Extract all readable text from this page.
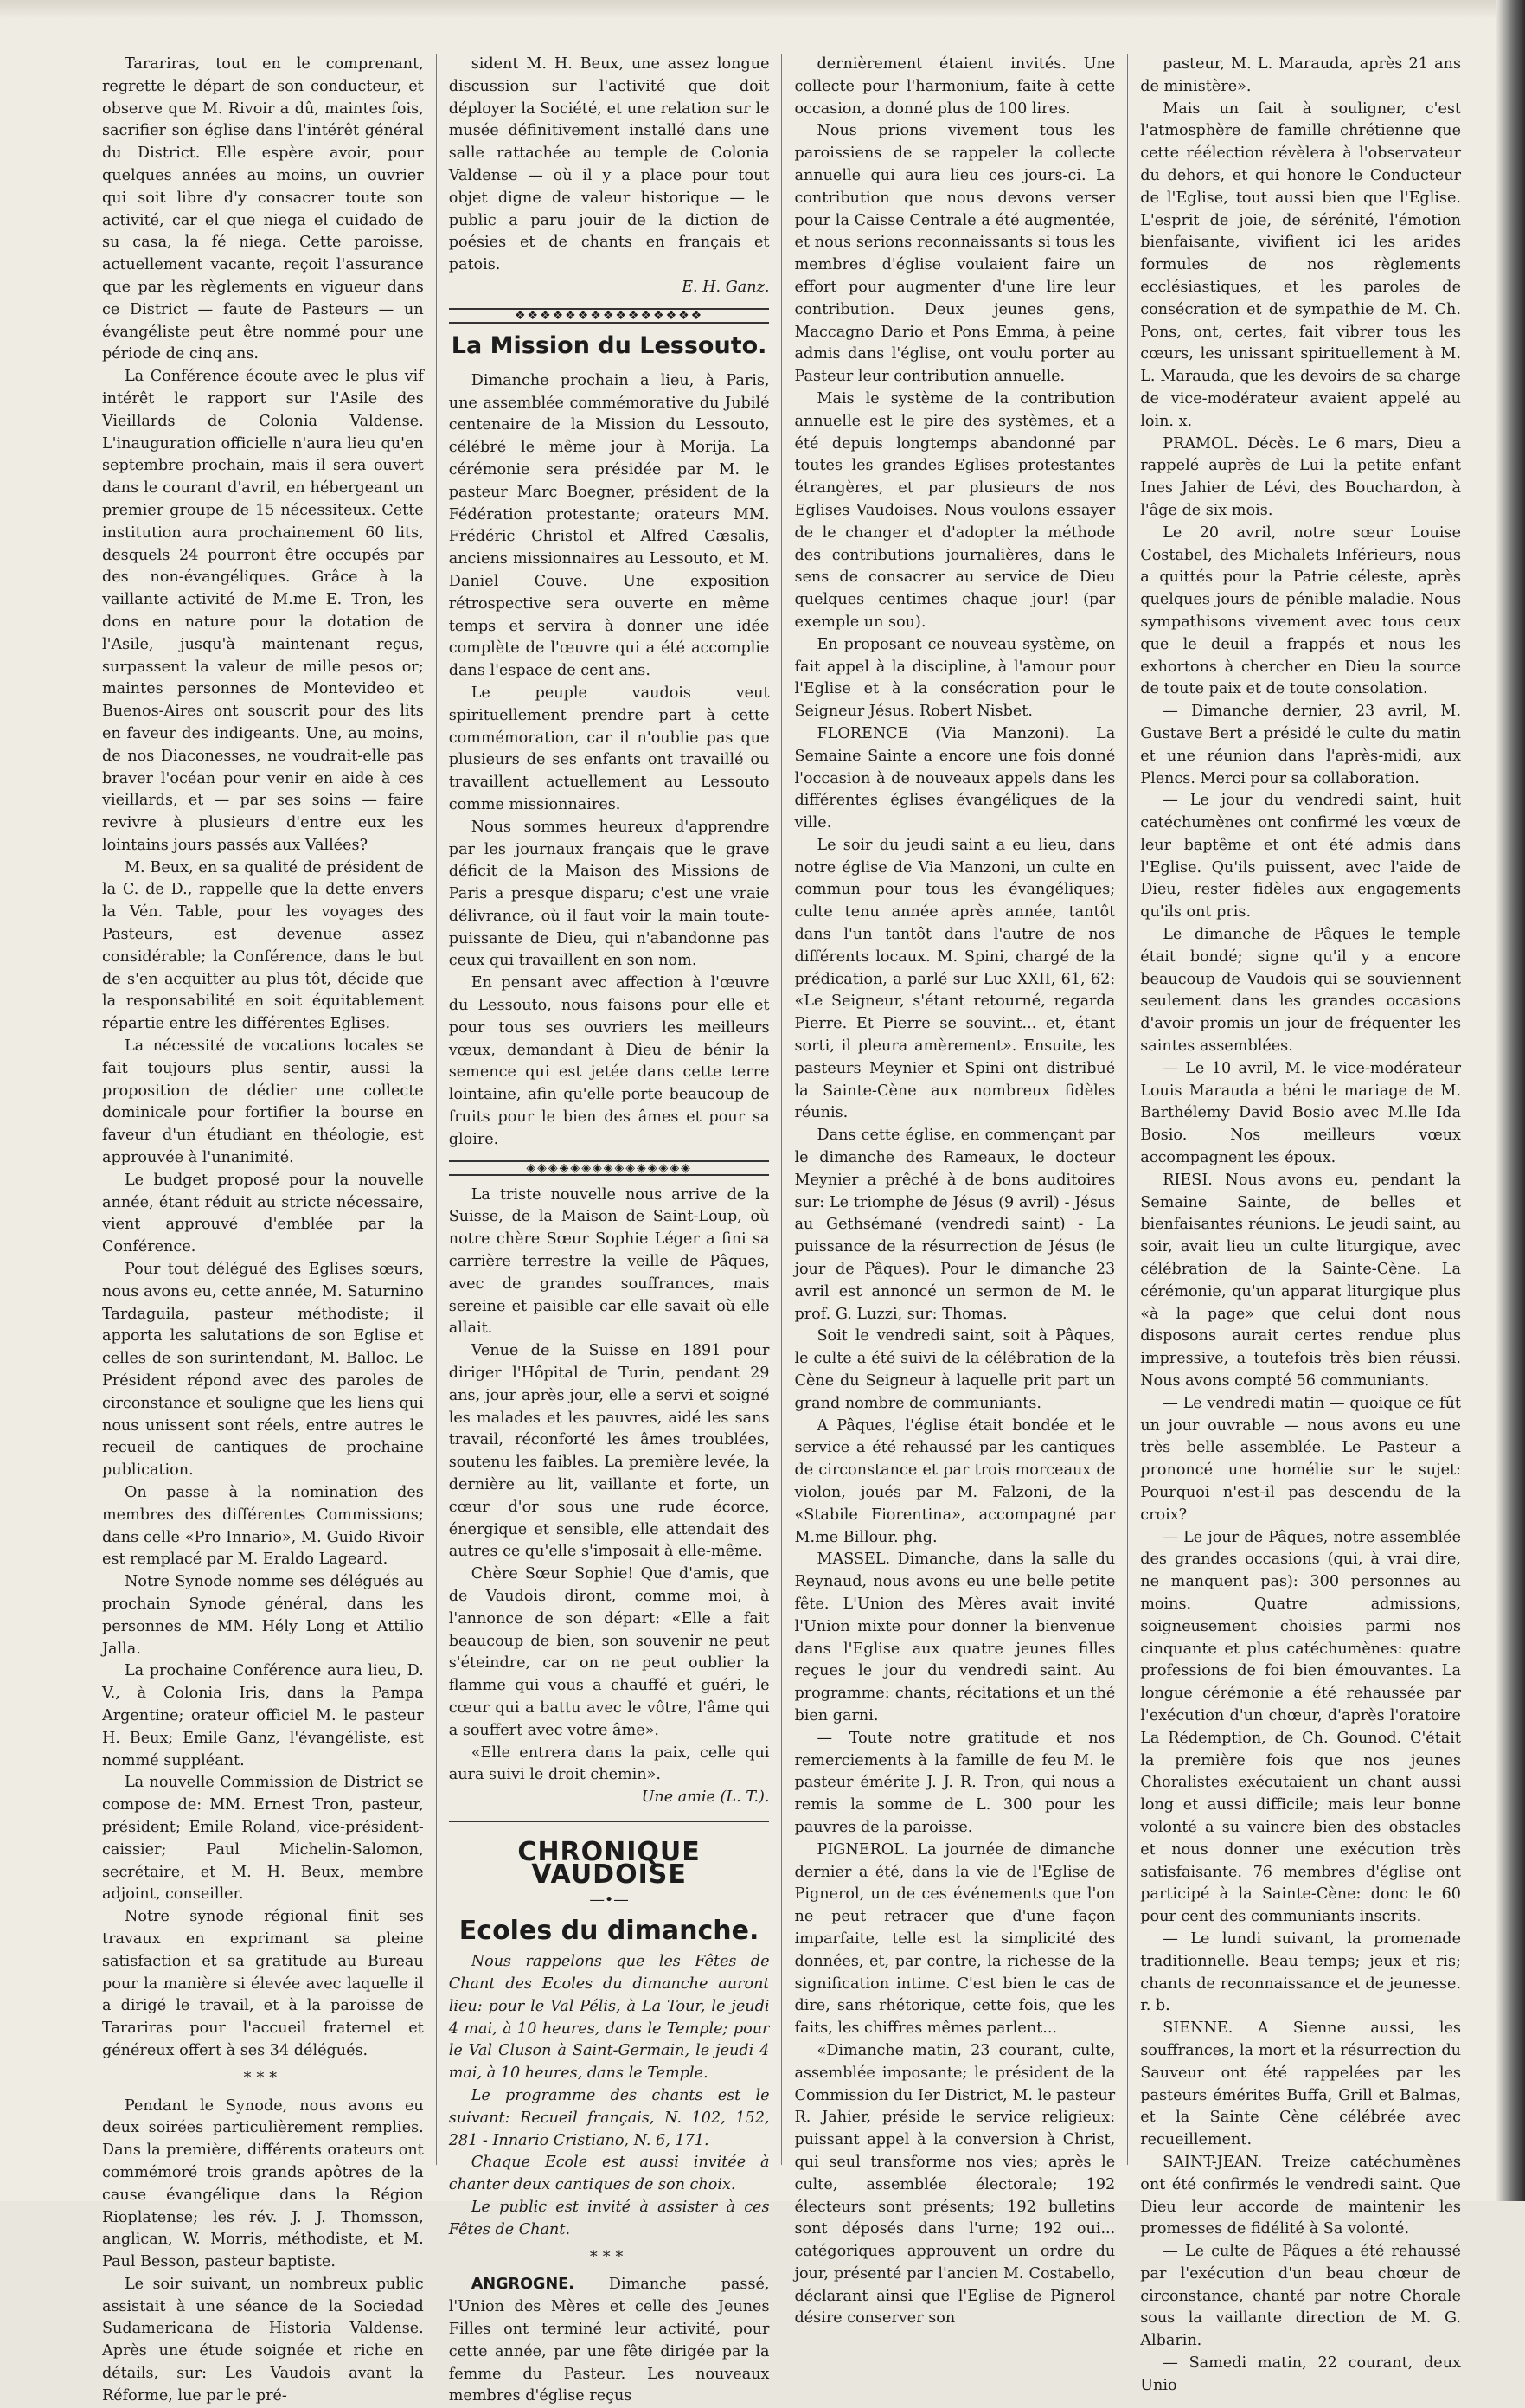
Tarariras, tout en le comprenant, regrette le départ de son conducteur, et observe que M. Rivoir a dû, maintes fois, sacrifier son église dans l'intérêt général du District. Elle espère avoir, pour quelques années au moins, un ouvrier qui soit libre d'y consacrer toute son activité, car el que niega el cuidado de su casa, la fé niega. Cette paroisse, actuellement vacante, reçoit l'assurance que par les règlements en vigueur dans ce District — faute de Pasteurs — un évangéliste peut être nommé pour une période de cinq ans.

La Conférence écoute avec le plus vif intérêt le rapport sur l'Asile des Vieillards de Colonia Valdense. L'inauguration officielle n'aura lieu qu'en septembre prochain, mais il sera ouvert dans le courant d'avril, en hébergeant un premier groupe de 15 nécessiteux. Cette institution aura prochainement 60 lits, desquels 24 pourront être occupés par des non-évangéliques. Grâce à la vaillante activité de M.me E. Tron, les dons en nature pour la dotation de l'Asile, jusqu'à maintenant reçus, surpassent la valeur de mille pesos or; maintes personnes de Montevideo et Buenos-Aires ont souscrit pour des lits en faveur des indigeants. Une, au moins, de nos Diaconesses, ne voudrait-elle pas braver l'océan pour venir en aide à ces vieillards, et — par ses soins — faire revivre à plusieurs d'entre eux les lointains jours passés aux Vallées?

M. Beux, en sa qualité de président de la C. de D., rappelle que la dette envers la Vén. Table, pour les voyages des Pasteurs, est devenue assez considérable; la Conférence, dans le but de s'en acquitter au plus tôt, décide que la responsabilité en soit équitablement répartie entre les différentes Eglises.

La nécessité de vocations locales se fait toujours plus sentir, aussi la proposition de dédier une collecte dominicale pour fortifier la bourse en faveur d'un étudiant en théologie, est approuvée à l'unanimité.

Le budget proposé pour la nouvelle année, étant réduit au stricte nécessaire, vient approuvé d'emblée par la Conférence.

Pour tout délégué des Eglises sœurs, nous avons eu, cette année, M. Saturnino Tardaguila, pasteur méthodiste; il apporta les salutations de son Eglise et celles de son surintendant, M. Balloc. Le Président répond avec des paroles de circonstance et souligne que les liens qui nous unissent sont réels, entre autres le recueil de cantiques de prochaine publication.

On passe à la nomination des membres des différentes Commissions; dans celle «Pro Innario», M. Guido Rivoir est remplacé par M. Eraldo Lageard.

Notre Synode nomme ses délégués au prochain Synode général, dans les personnes de MM. Hély Long et Attilio Jalla.

La prochaine Conférence aura lieu, D. V., à Colonia Iris, dans la Pampa Argentine; orateur officiel M. le pasteur H. Beux; Emile Ganz, l'évangéliste, est nommé suppléant.

La nouvelle Commission de District se compose de: MM. Ernest Tron, pasteur, président; Emile Roland, vice-président-caissier; Paul Michelin-Salomon, secrétaire, et M. H. Beux, membre adjoint, conseiller.

Notre synode régional finit ses travaux en exprimant sa pleine satisfaction et sa gratitude au Bureau pour la manière si élevée avec laquelle il a dirigé le travail, et à la paroisse de Tarariras pour l'accueil fraternel et généreux offert à ses 34 délégués.

***

Pendant le Synode, nous avons eu deux soirées particulièrement remplies. Dans la première, différents orateurs ont commémoré trois grands apôtres de la cause évangélique dans la Région Rioplatense; les rév. J. J. Thomsson, anglican, W. Morris, méthodiste, et M. Paul Besson, pasteur baptiste.

Le soir suivant, un nombreux public assistait à une séance de la Sociedad Sudamericana de Historia Valdense. Après une étude soignée et riche en détails, sur: Les Vaudois avant la Réforme, lue par le pré-

sident M. H. Beux, une assez longue discussion sur l'activité que doit déployer la Société, et une relation sur le musée définitivement installé dans une salle rattachée au temple de Colonia Valdense — où il y a place pour tout objet digne de valeur historique — le public a paru jouir de la diction de poésies et de chants en français et patois.

E. H. Ganz.

❖❖❖❖❖❖❖❖❖❖❖❖❖❖❖
La Mission du Lessouto.

Dimanche prochain a lieu, à Paris, une assemblée commémorative du Jubilé centenaire de la Mission du Lessouto, célébré le même jour à Morija. La cérémonie sera présidée par M. le pasteur Marc Boegner, président de la Fédération protestante; orateurs MM. Frédéric Christol et Alfred Cæsalis, anciens missionnaires au Lessouto, et M. Daniel Couve. Une exposition rétrospective sera ouverte en même temps et servira à donner une idée complète de l'œuvre qui a été accomplie dans l'espace de cent ans.

Le peuple vaudois veut spirituellement prendre part à cette commémoration, car il n'oublie pas que plusieurs de ses enfants ont travaillé ou travaillent actuellement au Lessouto comme missionnaires.

Nous sommes heureux d'apprendre par les journaux français que le grave déficit de la Maison des Missions de Paris a presque disparu; c'est une vraie délivrance, où il faut voir la main toute-puissante de Dieu, qui n'abandonne pas ceux qui travaillent en son nom.

En pensant avec affection à l'œuvre du Lessouto, nous faisons pour elle et pour tous ses ouvriers les meilleurs vœux, demandant à Dieu de bénir la semence qui est jetée dans cette terre lointaine, afin qu'elle porte beaucoup de fruits pour le bien des âmes et pour sa gloire.

◈◈◈◈◈◈◈◈◈◈◈◈◈◈◈

La triste nouvelle nous arrive de la Suisse, de la Maison de Saint-Loup, où notre chère Sœur Sophie Léger a fini sa carrière terrestre la veille de Pâques, avec de grandes souffrances, mais sereine et paisible car elle savait où elle allait.

Venue de la Suisse en 1891 pour diriger l'Hôpital de Turin, pendant 29 ans, jour après jour, elle a servi et soigné les malades et les pauvres, aidé les sans travail, réconforté les âmes troublées, soutenu les faibles. La première levée, la dernière au lit, vaillante et forte, un cœur d'or sous une rude écorce, énergique et sensible, elle attendait des autres ce qu'elle s'imposait à elle-même.

Chère Sœur Sophie! Que d'amis, que de Vaudois diront, comme moi, à l'annonce de son départ: «Elle a fait beaucoup de bien, son souvenir ne peut s'éteindre, car on ne peut oublier la flamme qui vous a chauffé et guéri, le cœur qui a battu avec le vôtre, l'âme qui a souffert avec votre âme».

«Elle entrera dans la paix, celle qui aura suivi le droit chemin».

Une amie (L. T.).

CHRONIQUE VAUDOISE
—•—
Ecoles du dimanche.

Nous rappelons que les Fêtes de Chant des Ecoles du dimanche auront lieu: pour le Val Pélis, à La Tour, le jeudi 4 mai, à 10 heures, dans le Temple; pour le Val Cluson à Saint-Germain, le jeudi 4 mai, à 10 heures, dans le Temple.

Le programme des chants est le suivant: Recueil français, N. 102, 152, 281 - Innario Cristiano, N. 6, 171.

Chaque Ecole est aussi invitée à chanter deux cantiques de son choix.

Le public est invité à assister à ces Fêtes de Chant.

***

ANGROGNE. Dimanche passé, l'Union des Mères et celle des Jeunes Filles ont terminé leur activité, pour cette année, par une fête dirigée par la femme du Pasteur. Les nouveaux membres d'église reçus

dernièrement étaient invités. Une collecte pour l'harmonium, faite à cette occasion, a donné plus de 100 lires.

Nous prions vivement tous les paroissiens de se rappeler la collecte annuelle qui aura lieu ces jours-ci. La contribution que nous devons verser pour la Caisse Centrale a été augmentée, et nous serions reconnaissants si tous les membres d'église voulaient faire un effort pour augmenter d'une lire leur contribution. Deux jeunes gens, Maccagno Dario et Pons Emma, à peine admis dans l'église, ont voulu porter au Pasteur leur contribution annuelle.

Mais le système de la contribution annuelle est le pire des systèmes, et a été depuis longtemps abandonné par toutes les grandes Eglises protestantes étrangères, et par plusieurs de nos Eglises Vaudoises. Nous voulons essayer de le changer et d'adopter la méthode des contributions journalières, dans le sens de consacrer au service de Dieu quelques centimes chaque jour! (par exemple un sou).

En proposant ce nouveau système, on fait appel à la discipline, à l'amour pour l'Eglise et à la consécration pour le Seigneur Jésus. Robert Nisbet.

FLORENCE (Via Manzoni). La Semaine Sainte a encore une fois donné l'occasion à de nouveaux appels dans les différentes églises évangéliques de la ville.

Le soir du jeudi saint a eu lieu, dans notre église de Via Manzoni, un culte en commun pour tous les évangéliques; culte tenu année après année, tantôt dans l'un tantôt dans l'autre de nos différents locaux. M. Spini, chargé de la prédication, a parlé sur Luc XXII, 61, 62: «Le Seigneur, s'étant retourné, regarda Pierre. Et Pierre se souvint... et, étant sorti, il pleura amèrement». Ensuite, les pasteurs Meynier et Spini ont distribué la Sainte-Cène aux nombreux fidèles réunis.

Dans cette église, en commençant par le dimanche des Rameaux, le docteur Meynier a prêché à de bons auditoires sur: Le triomphe de Jésus (9 avril) - Jésus au Gethsémané (vendredi saint) - La puissance de la résurrection de Jésus (le jour de Pâques). Pour le dimanche 23 avril est annoncé un sermon de M. le prof. G. Luzzi, sur: Thomas.

Soit le vendredi saint, soit à Pâques, le culte a été suivi de la célébration de la Cène du Seigneur à laquelle prit part un grand nombre de communiants.

A Pâques, l'église était bondée et le service a été rehaussé par les cantiques de circonstance et par trois morceaux de violon, joués par M. Falzoni, de la «Stabile Fiorentina», accompagné par M.me Billour. phg.

MASSEL. Dimanche, dans la salle du Reynaud, nous avons eu une belle petite fête. L'Union des Mères avait invité l'Union mixte pour donner la bienvenue dans l'Eglise aux quatre jeunes filles reçues le jour du vendredi saint. Au programme: chants, récitations et un thé bien garni.

— Toute notre gratitude et nos remerciements à la famille de feu M. le pasteur émérite J. J. R. Tron, qui nous a remis la somme de L. 300 pour les pauvres de la paroisse.

PIGNEROL. La journée de dimanche dernier a été, dans la vie de l'Eglise de Pignerol, un de ces événements que l'on ne peut retracer que d'une façon imparfaite, telle est la simplicité des données, et, par contre, la richesse de la signification intime. C'est bien le cas de dire, sans rhétorique, cette fois, que les faits, les chiffres mêmes parlent...

«Dimanche matin, 23 courant, culte, assemblée imposante; le président de la Commission du Ier District, M. le pasteur R. Jahier, préside le service religieux: puissant appel à la conversion à Christ, qui seul transforme nos vies; après le culte, assemblée électorale; 192 électeurs sont présents; 192 bulletins sont déposés dans l'urne; 192 oui... catégoriques approuvent un ordre du jour, présenté par l'ancien M. Costabello, déclarant ainsi que l'Eglise de Pignerol désire conserver son

pasteur, M. L. Marauda, après 21 ans de ministère».

Mais un fait à souligner, c'est l'atmosphère de famille chrétienne que cette réélection révèlera à l'observateur du dehors, et qui honore le Conducteur de l'Eglise, tout aussi bien que l'Eglise. L'esprit de joie, de sérénité, l'émotion bienfaisante, vivifient ici les arides formules de nos règlements ecclésiastiques, et les paroles de consécration et de sympathie de M. Ch. Pons, ont, certes, fait vibrer tous les cœurs, les unissant spirituellement à M. L. Marauda, que les devoirs de sa charge de vice-modérateur avaient appelé au loin. x.

PRAMOL. Décès. Le 6 mars, Dieu a rappelé auprès de Lui la petite enfant Ines Jahier de Lévi, des Bouchardon, à l'âge de six mois.

Le 20 avril, notre sœur Louise Costabel, des Michalets Inférieurs, nous a quittés pour la Patrie céleste, après quelques jours de pénible maladie. Nous sympathisons vivement avec tous ceux que le deuil a frappés et nous les exhortons à chercher en Dieu la source de toute paix et de toute consolation.

— Dimanche dernier, 23 avril, M. Gustave Bert a présidé le culte du matin et une réunion dans l'après-midi, aux Plencs. Merci pour sa collaboration.

— Le jour du vendredi saint, huit catéchumènes ont confirmé les vœux de leur baptême et ont été admis dans l'Eglise. Qu'ils puissent, avec l'aide de Dieu, rester fidèles aux engagements qu'ils ont pris.

Le dimanche de Pâques le temple était bondé; signe qu'il y a encore beaucoup de Vaudois qui se souviennent seulement dans les grandes occasions d'avoir promis un jour de fréquenter les saintes assemblées.

— Le 10 avril, M. le vice-modérateur Louis Marauda a béni le mariage de M. Barthélemy David Bosio avec M.lle Ida Bosio. Nos meilleurs vœux accompagnent les époux.

RIESI. Nous avons eu, pendant la Semaine Sainte, de belles et bienfaisantes réunions. Le jeudi saint, au soir, avait lieu un culte liturgique, avec célébration de la Sainte-Cène. La cérémonie, qu'un apparat liturgique plus «à la page» que celui dont nous disposons aurait certes rendue plus impressive, a toutefois très bien réussi. Nous avons compté 56 communiants.

— Le vendredi matin — quoique ce fût un jour ouvrable — nous avons eu une très belle assemblée. Le Pasteur a prononcé une homélie sur le sujet: Pourquoi n'est-il pas descendu de la croix?

— Le jour de Pâques, notre assemblée des grandes occasions (qui, à vrai dire, ne manquent pas): 300 personnes au moins. Quatre admissions, soigneusement choisies parmi nos cinquante et plus catéchumènes: quatre professions de foi bien émouvantes. La longue cérémonie a été rehaussée par l'exécution d'un chœur, d'après l'oratoire La Rédemption, de Ch. Gounod. C'était la première fois que nos jeunes Choralistes exécutaient un chant aussi long et aussi difficile; mais leur bonne volonté a su vaincre bien des obstacles et nous donner une exécution très satisfaisante. 76 membres d'église ont participé à la Sainte-Cène: donc le 60 pour cent des communiants inscrits.

— Le lundi suivant, la promenade traditionnelle. Beau temps; jeux et ris; chants de reconnaissance et de jeunesse. r. b.

SIENNE. A Sienne aussi, les souffrances, la mort et la résurrection du Sauveur ont été rappelées par les pasteurs émérites Buffa, Grill et Balmas, et la Sainte Cène célébrée avec recueillement.

SAINT-JEAN. Treize catéchumènes ont été confirmés le vendredi saint. Que Dieu leur accorde de maintenir les promesses de fidélité à Sa volonté.

— Le culte de Pâques a été rehaussé par l'exécution d'un beau chœur de circonstance, chanté par notre Chorale sous la vaillante direction de M. G. Albarin.

— Samedi matin, 22 courant, deux Unio
